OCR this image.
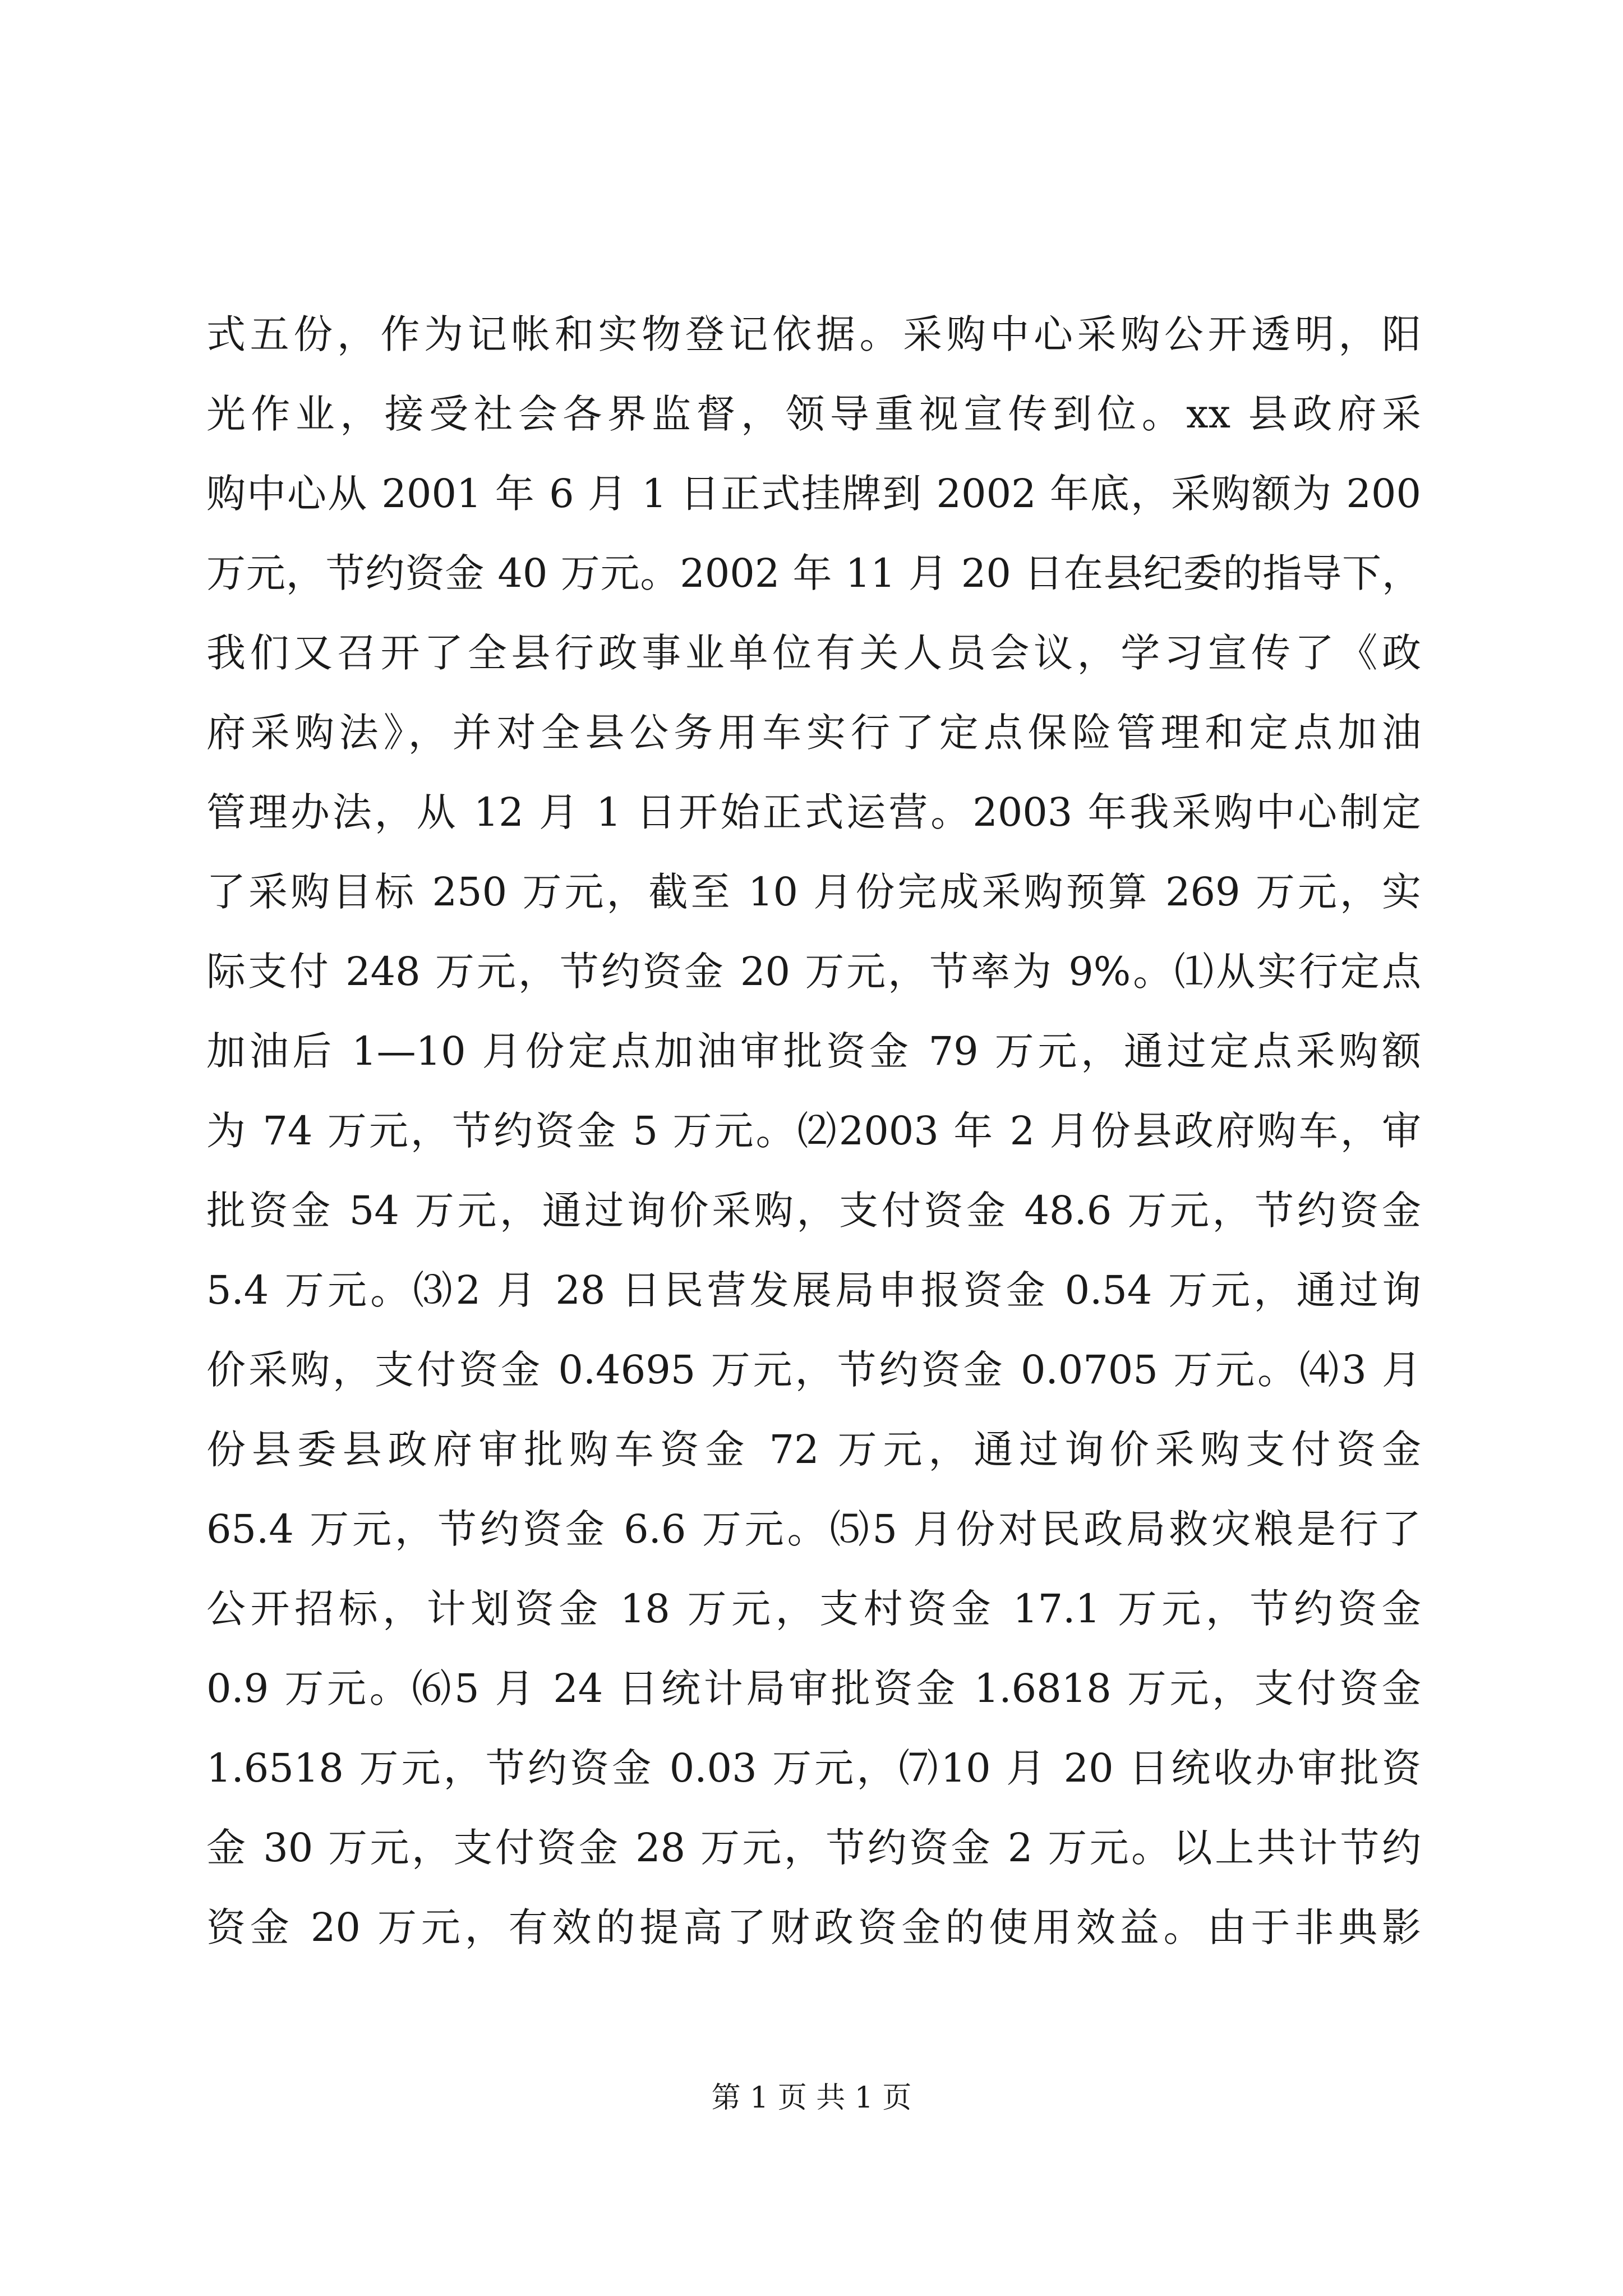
式五份，作为记帐和实物登记依据。采购中心采购公开透明，阳
光作业，接受社会各界监督，领导重视宣传到位。xx 县政府采
购中心从 2001 年 6 月 1 日正式挂牌到 2002 年底，采购额为 200
万元，节约资金 40 万元。2002 年 11 月 20 日在县纪委的指导下，
我们又召开了全县行政事业单位有关人员会议，学习宣传了《政
府采购法》，并对全县公务用车实行了定点保险管理和定点加油
管理办法，从 12 月 1 日开始正式运营。2003 年我采购中心制定
了采购目标 250 万元，截至 10 月份完成采购预算 269 万元，实
际支付 248 万元，节约资金 20 万元，节率为 9%。⑴从实行定点
加油后 1—10 月份定点加油审批资金 79 万元，通过定点采购额
为 74 万元，节约资金 5 万元。⑵2003 年 2 月份县政府购车，审
批资金 54 万元，通过询价采购，支付资金 48.6 万元，节约资金
5.4 万元。⑶2 月 28 日民营发展局申报资金 0.54 万元，通过询
价采购，支付资金 0.4695 万元，节约资金 0.0705 万元。⑷3 月
份县委县政府审批购车资金 72 万元，通过询价采购支付资金
65.4 万元，节约资金 6.6 万元。⑸5 月份对民政局救灾粮是行了
公开招标，计划资金 18 万元，支村资金 17.1 万元，节约资金
0.9 万元。⑹5 月 24 日统计局审批资金 1.6818 万元，支付资金
1.6518 万元，节约资金 0.03 万元，⑺10 月 20 日统收办审批资
金 30 万元，支付资金 28 万元，节约资金 2 万元。以上共计节约
资金 20 万元，有效的提高了财政资金的使用效益。由于非典影
第 1 页 共 1 页
